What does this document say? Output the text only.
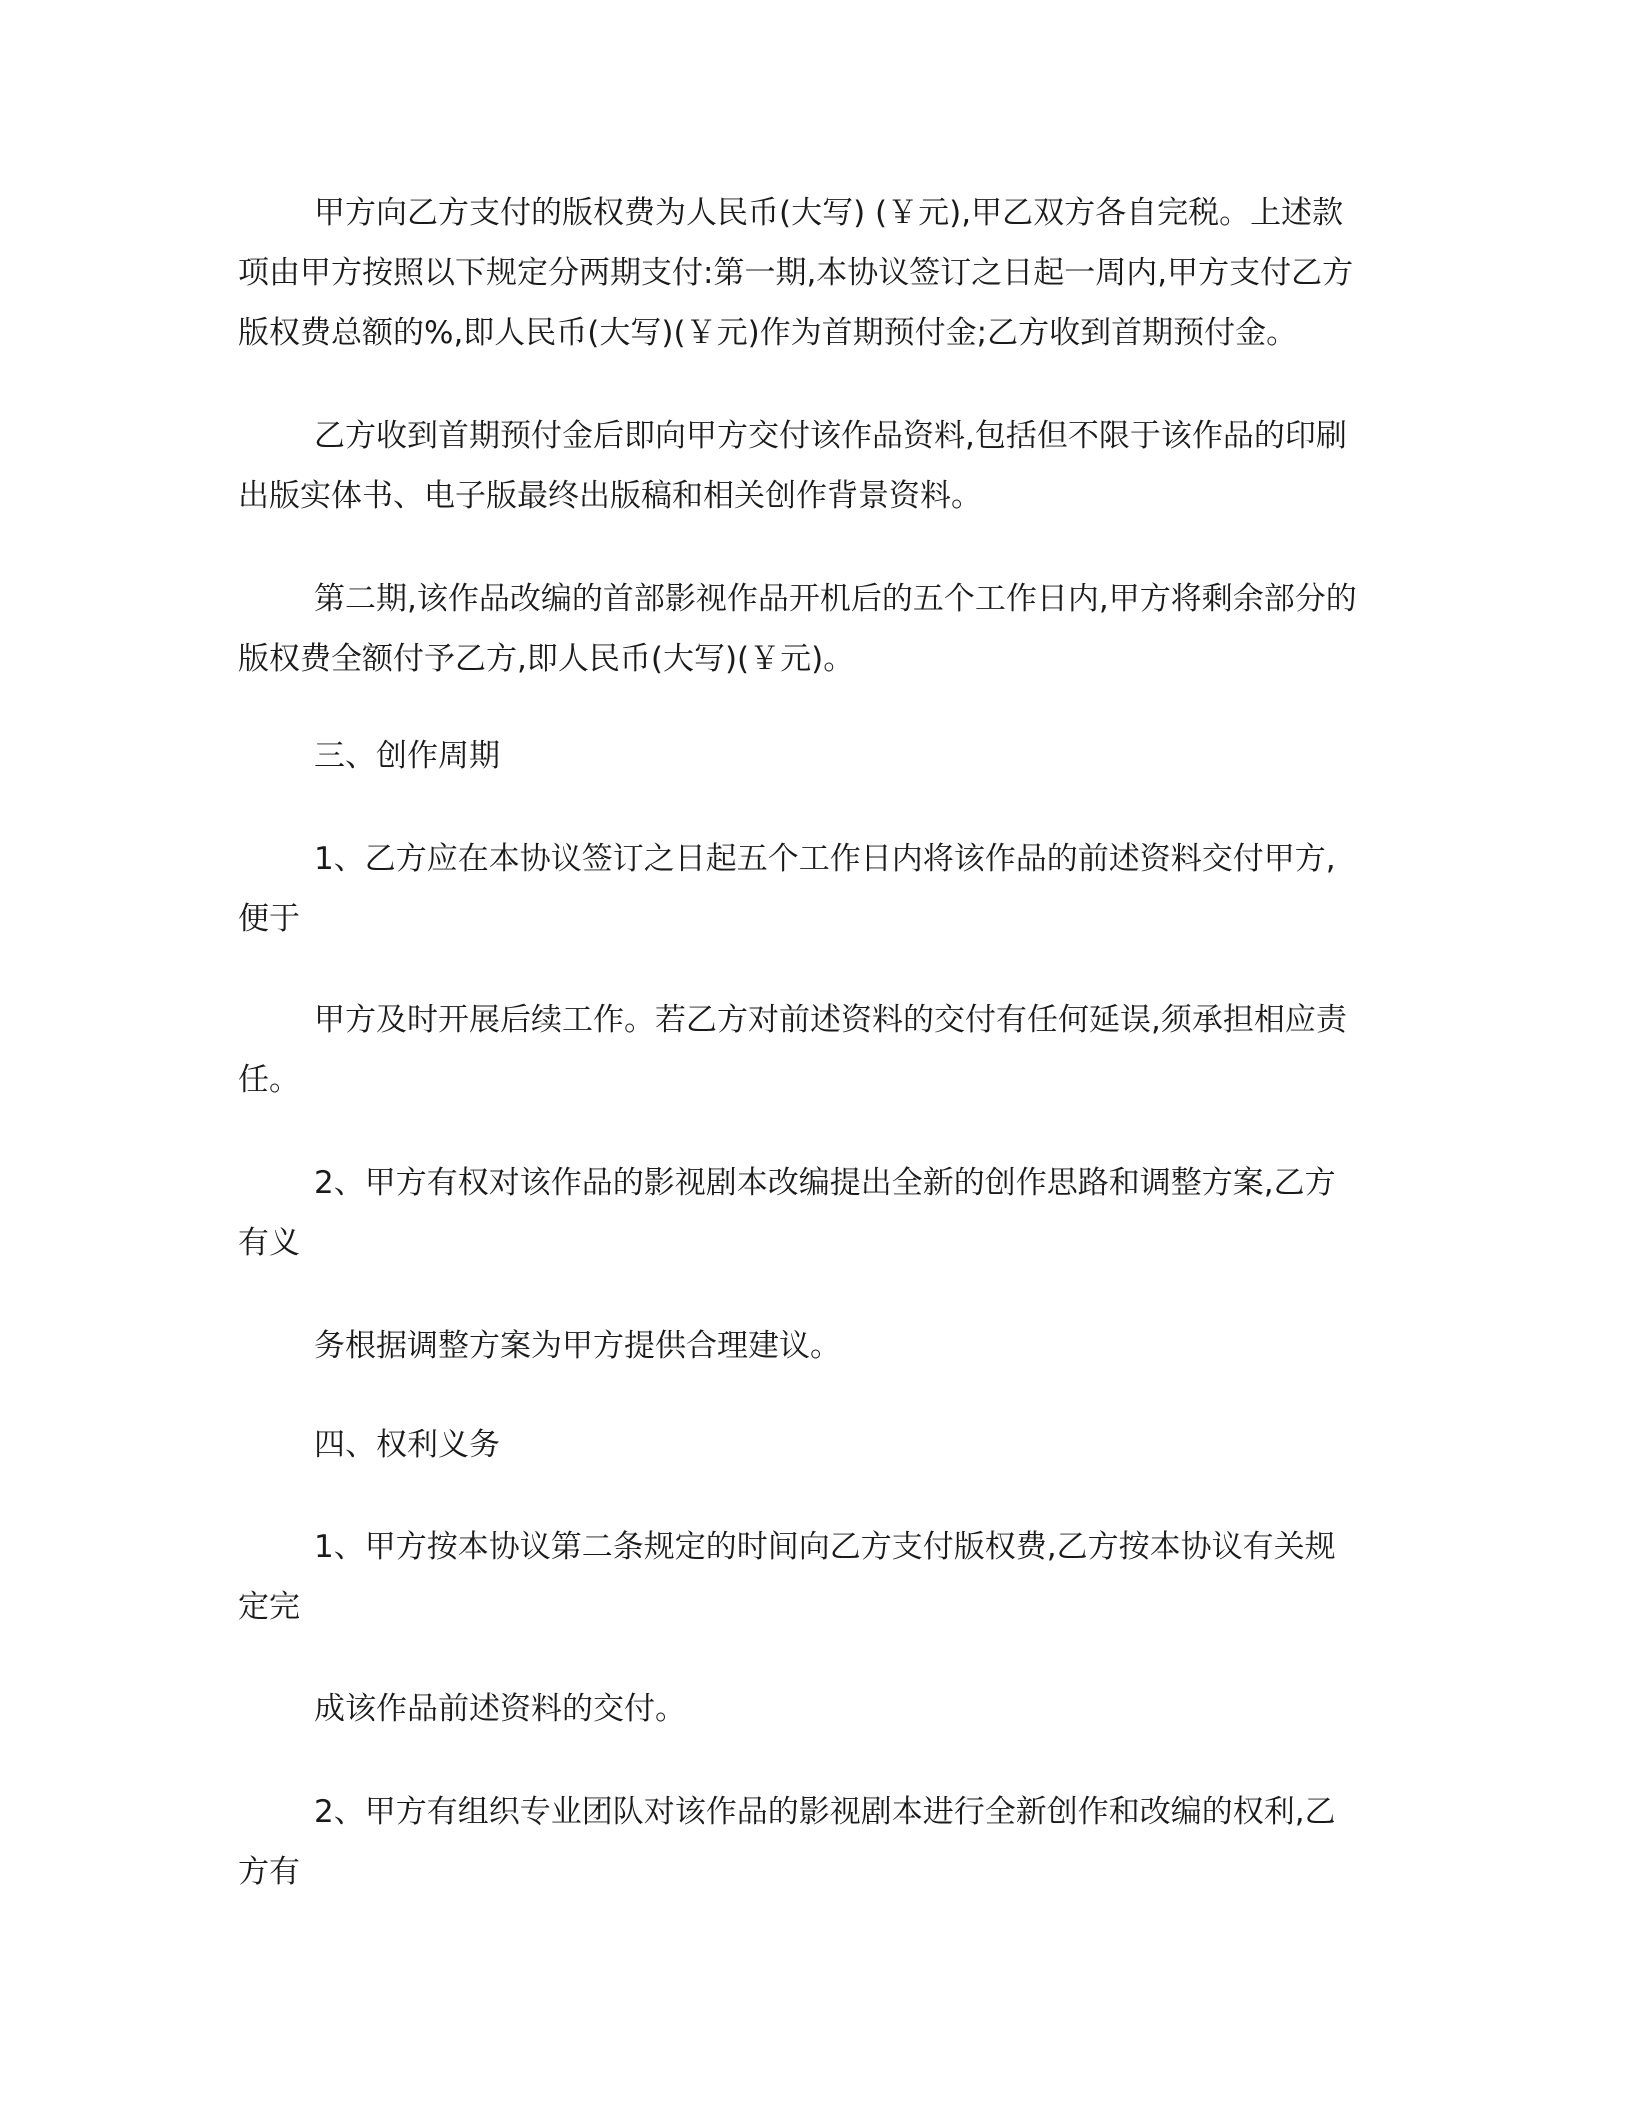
甲方向乙方支付的版权费为人民币(大写) (￥元),甲乙双方各自完税。上述款

项由甲方按照以下规定分两期支付:第一期,本协议签订之日起一周内,甲方支付乙方

版权费总额的%,即人民币(大写)(￥元)作为首期预付金;乙方收到首期预付金。

乙方收到首期预付金后即向甲方交付该作品资料,包括但不限于该作品的印刷

出版实体书、电子版最终出版稿和相关创作背景资料。

第二期,该作品改编的首部影视作品开机后的五个工作日内,甲方将剩余部分的

版权费全额付予乙方,即人民币(大写)(￥元)。

三、创作周期

1、乙方应在本协议签订之日起五个工作日内将该作品的前述资料交付甲方,

便于

甲方及时开展后续工作。若乙方对前述资料的交付有任何延误,须承担相应责

任。

2、甲方有权对该作品的影视剧本改编提出全新的创作思路和调整方案,乙方

有义

务根据调整方案为甲方提供合理建议。

四、权利义务

1、甲方按本协议第二条规定的时间向乙方支付版权费,乙方按本协议有关规

定完

成该作品前述资料的交付。

2、甲方有组织专业团队对该作品的影视剧本进行全新创作和改编的权利,乙

方有
